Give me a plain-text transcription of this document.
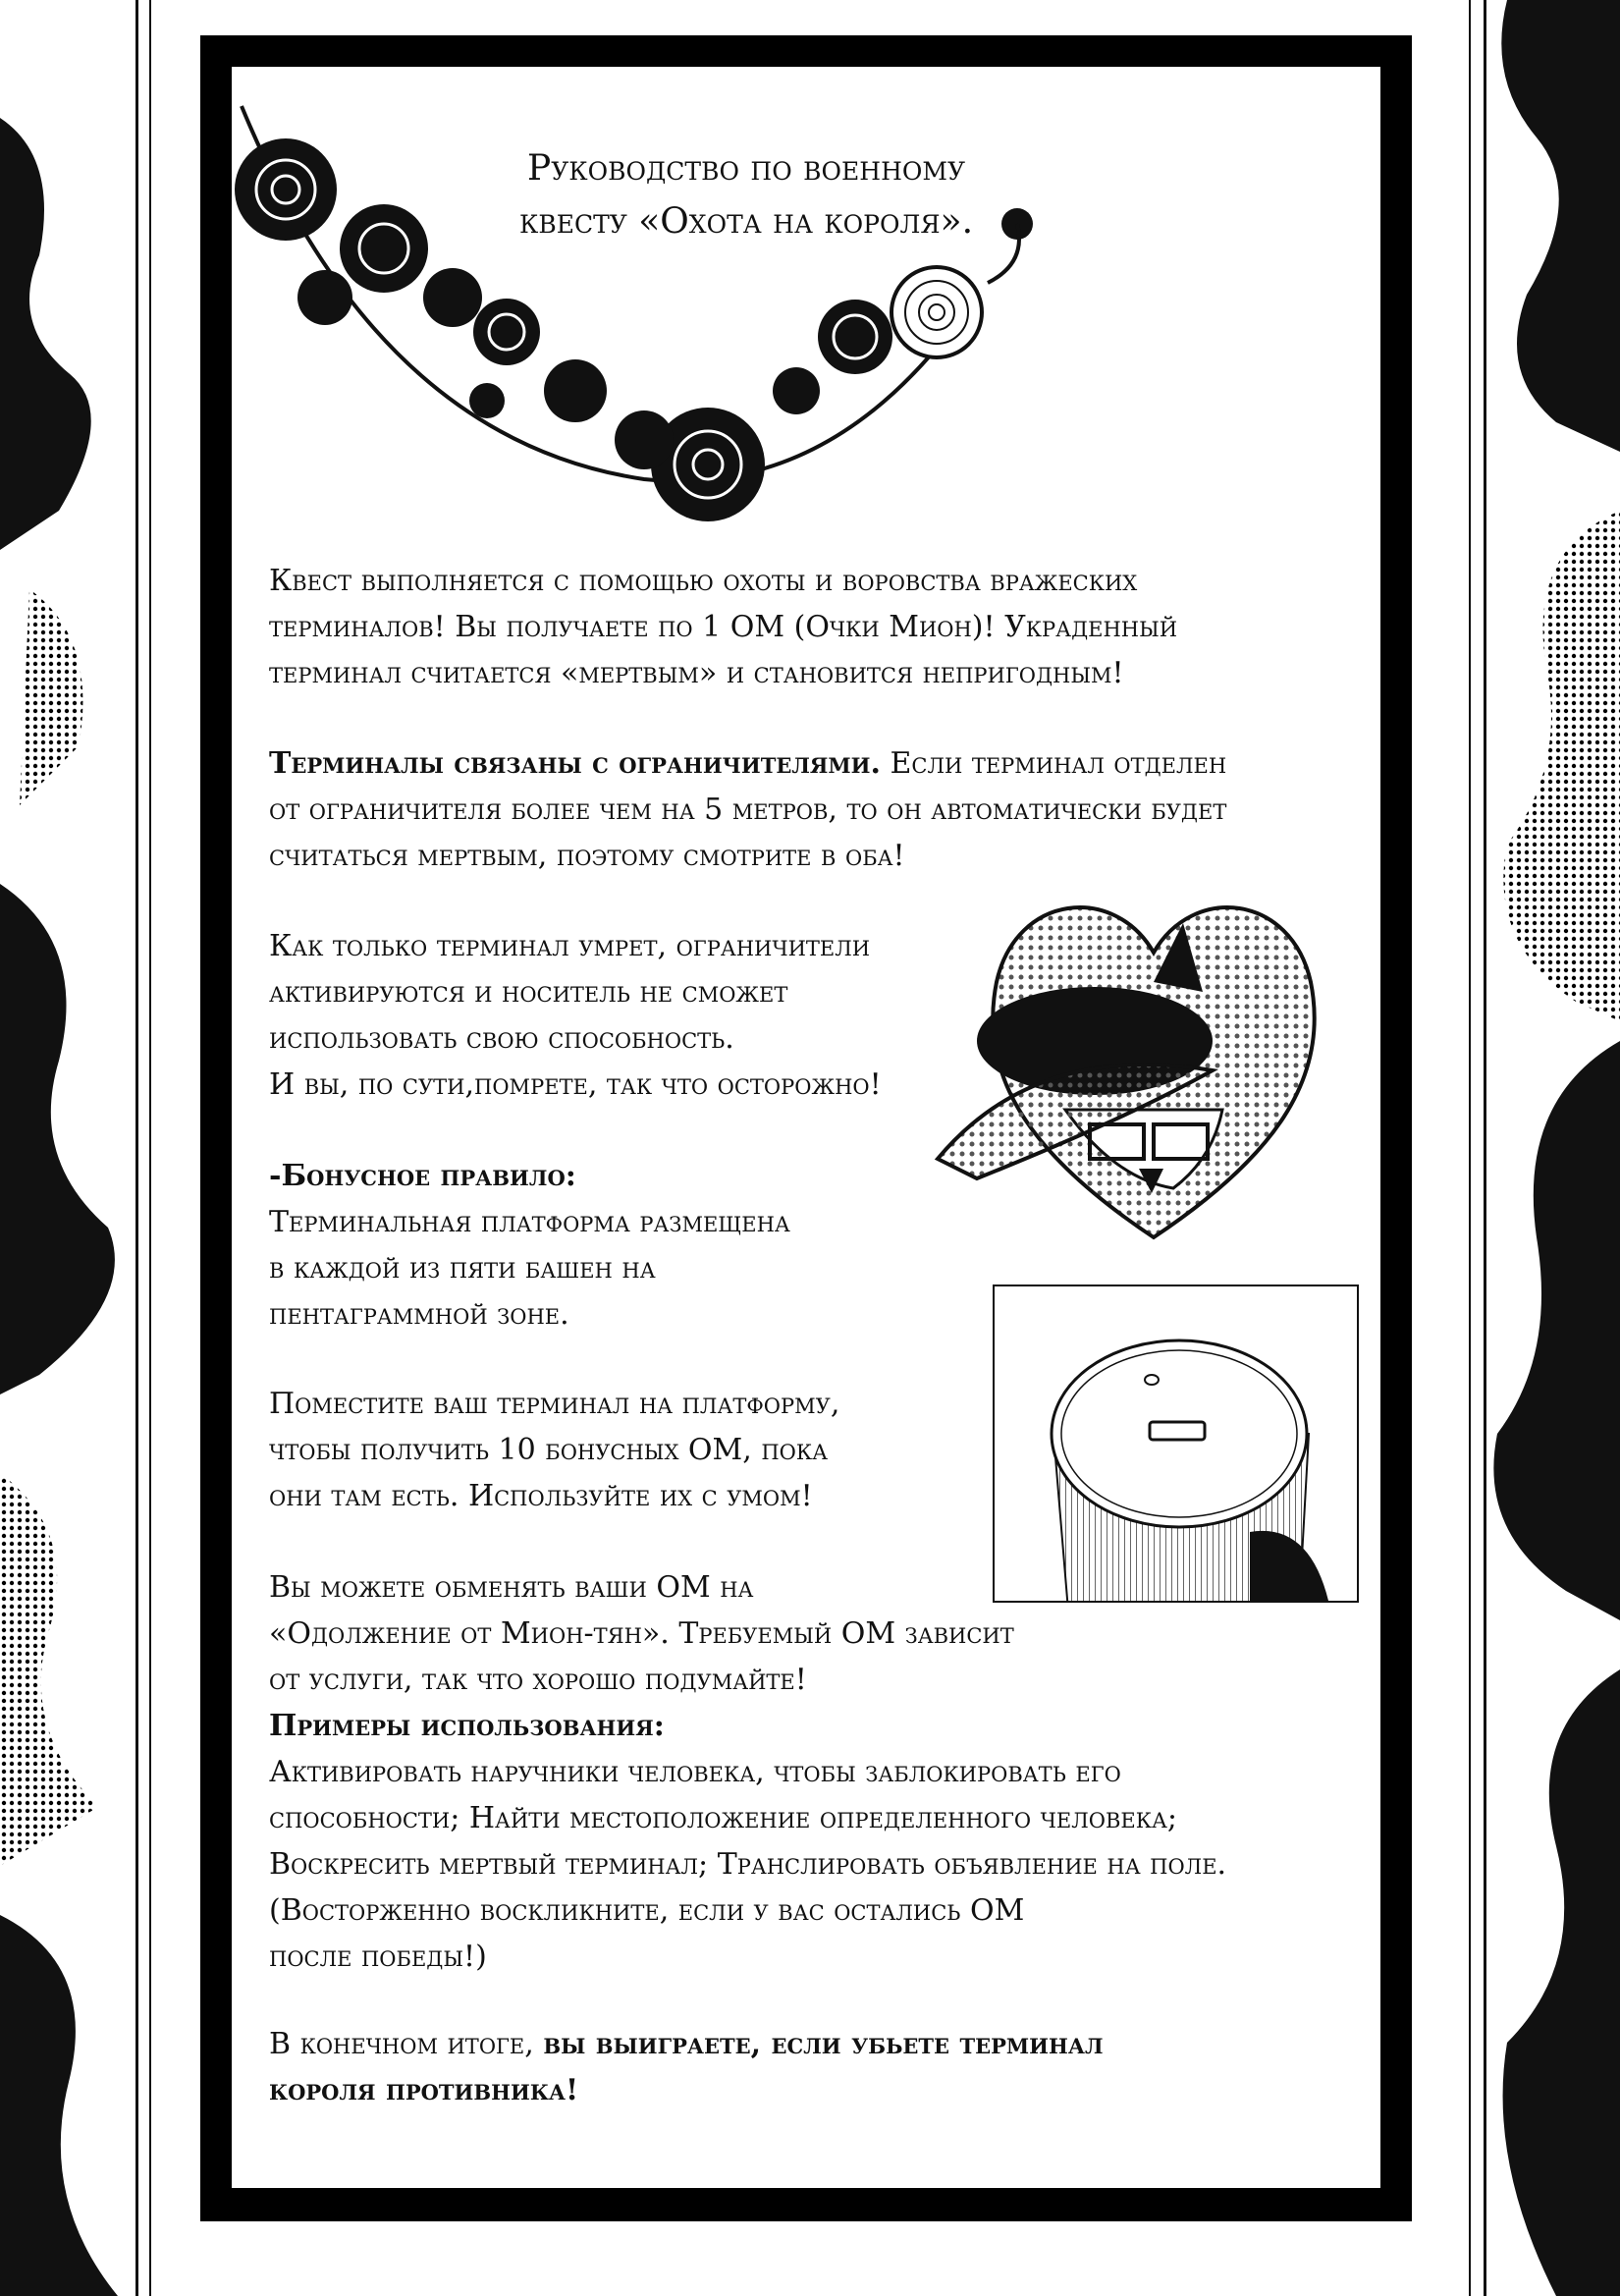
Руководство по военному
квесту «Охота на короля».
Квест выполняется с помощью охоты и воровства вражеских
терминалов! Вы получаете по 1 ОМ (Очки Мион)! Украденный
терминал считается «мертвым» и становится непригодным!
Терминалы связаны с ограничителями. Если терминал отделен
от ограничителя более чем на 5 метров, то он автоматически будет
считаться мертвым, поэтому смотрите в оба!
Как только терминал умрет, ограничители
активируются и носитель не сможет
использовать свою способность.
И вы, по сути,помрете, так что осторожно!
-Бонусное правило:
Терминальная платформа размещена
в каждой из пяти башен на
пентаграммной зоне.
Поместите ваш терминал на платформу,
чтобы получить 10 бонусных ОМ, пока
они там есть. Используйте их с умом!
Вы можете обменять ваши ОМ на
«Одолжение от Мион-тян». Требуемый ОМ зависит
от услуги, так что хорошо подумайте!
Примеры использования:
Активировать наручники человека, чтобы заблокировать его
способности; Найти местоположение определенного человека;
Воскресить мертвый терминал; Транслировать объявление на поле.
(Восторженно воскликните, если у вас остались ОМ
после победы!)
В конечном итоге, вы выиграете, если убьете терминал
короля противника!
